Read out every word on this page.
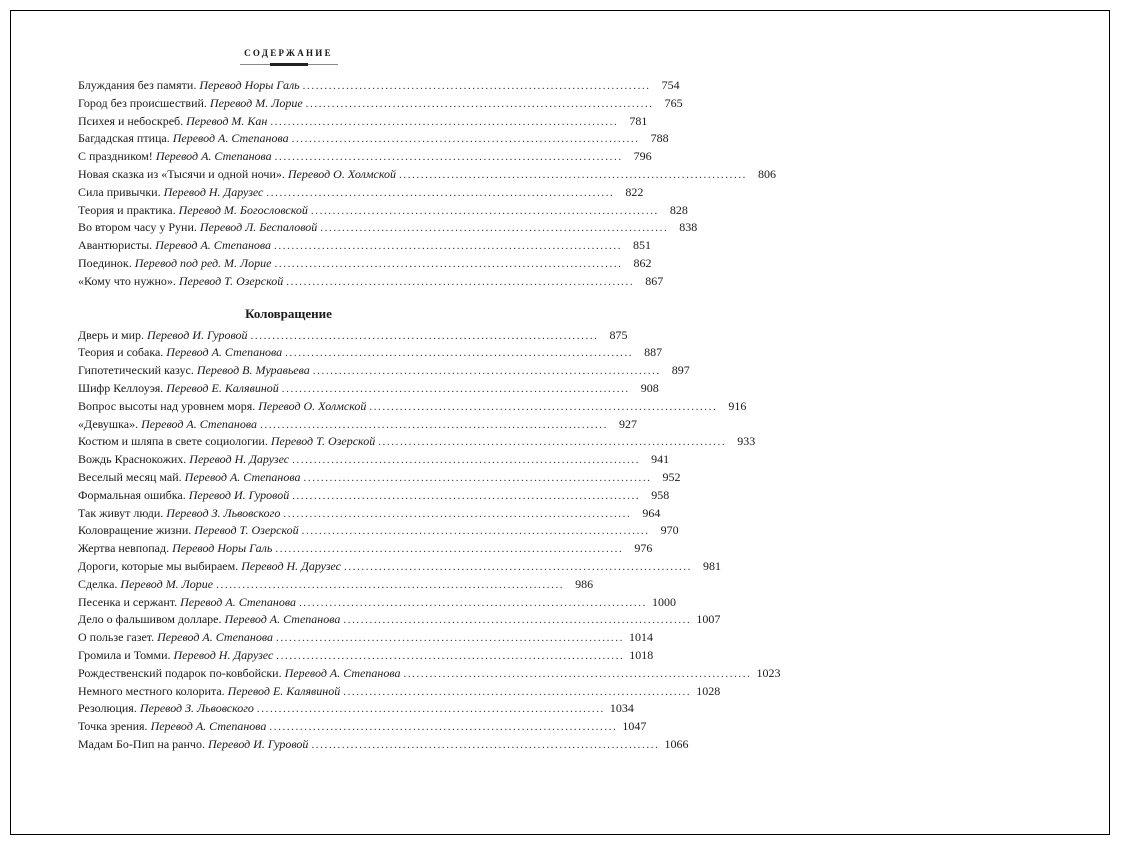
СОДЕРЖАНИЕ
Блуждания без памяти.
Перевод Норы Галь ................................................................................ 754
Город без происшествий.
Перевод М. Лорие ................................................................................ 765
Психея и небоскреб.
Перевод М. Кан ................................................................................ 781
Багдадская птица.
Перевод А. Степанова ................................................................................ 788
С праздником!
Перевод А. Степанова ................................................................................ 796
Новая сказка из «Тысячи и одной ночи».
Перевод О. Холмской ................................................................................ 806
Сила привычки.
Перевод Н. Дарузес ................................................................................ 822
Теория и практика.
Перевод М. Богословской ................................................................................ 828
Во втором часу у Руни.
Перевод Л. Беспаловой ................................................................................ 838
Авантюристы.
Перевод А. Степанова ................................................................................ 851
Поединок.
Перевод под ред. М. Лорие ................................................................................ 862
«Кому что нужно».
Перевод Т. Озерской ................................................................................ 867
Коловращение
Дверь и мир.
Перевод И. Гуровой ................................................................................ 875
Теория и собака.
Перевод А. Степанова ................................................................................ 887
Гипотетический казус.
Перевод В. Муравьева ................................................................................ 897
Шифр Келлоуэя.
Перевод Е. Калявиной ................................................................................ 908
Вопрос высоты над уровнем моря.
Перевод О. Холмской ................................................................................ 916
«Девушка».
Перевод А. Степанова ................................................................................ 927
Костюм и шляпа в свете социологии.
Перевод Т. Озерской ................................................................................ 933
Вождь Краснокожих.
Перевод Н. Дарузес ................................................................................ 941
Веселый месяц май.
Перевод А. Степанова ................................................................................ 952
Формальная ошибка.
Перевод И. Гуровой ................................................................................ 958
Так живут люди.
Перевод З. Львовского ................................................................................ 964
Коловращение жизни.
Перевод Т. Озерской ................................................................................ 970
Жертва невпопад.
Перевод Норы Галь ................................................................................ 976
Дороги, которые мы выбираем.
Перевод Н. Дарузес ................................................................................ 981
Сделка.
Перевод М. Лорие ................................................................................ 986
Песенка и сержант.
Перевод А. Степанова ................................................................................ 1000
Дело о фальшивом долларе.
Перевод А. Степанова ................................................................................ 1007
О пользе газет.
Перевод А. Степанова ................................................................................ 1014
Громила и Томми.
Перевод Н. Дарузес ................................................................................ 1018
Рождественский подарок по-ковбойски.
Перевод А. Степанова ................................................................................ 1023
Немного местного колорита.
Перевод Е. Калявиной ................................................................................ 1028
Резолюция.
Перевод З. Львовского ................................................................................ 1034
Точка зрения.
Перевод А. Степанова ................................................................................ 1047
Мадам Бо-Пип на ранчо.
Перевод И. Гуровой ................................................................................ 1066
